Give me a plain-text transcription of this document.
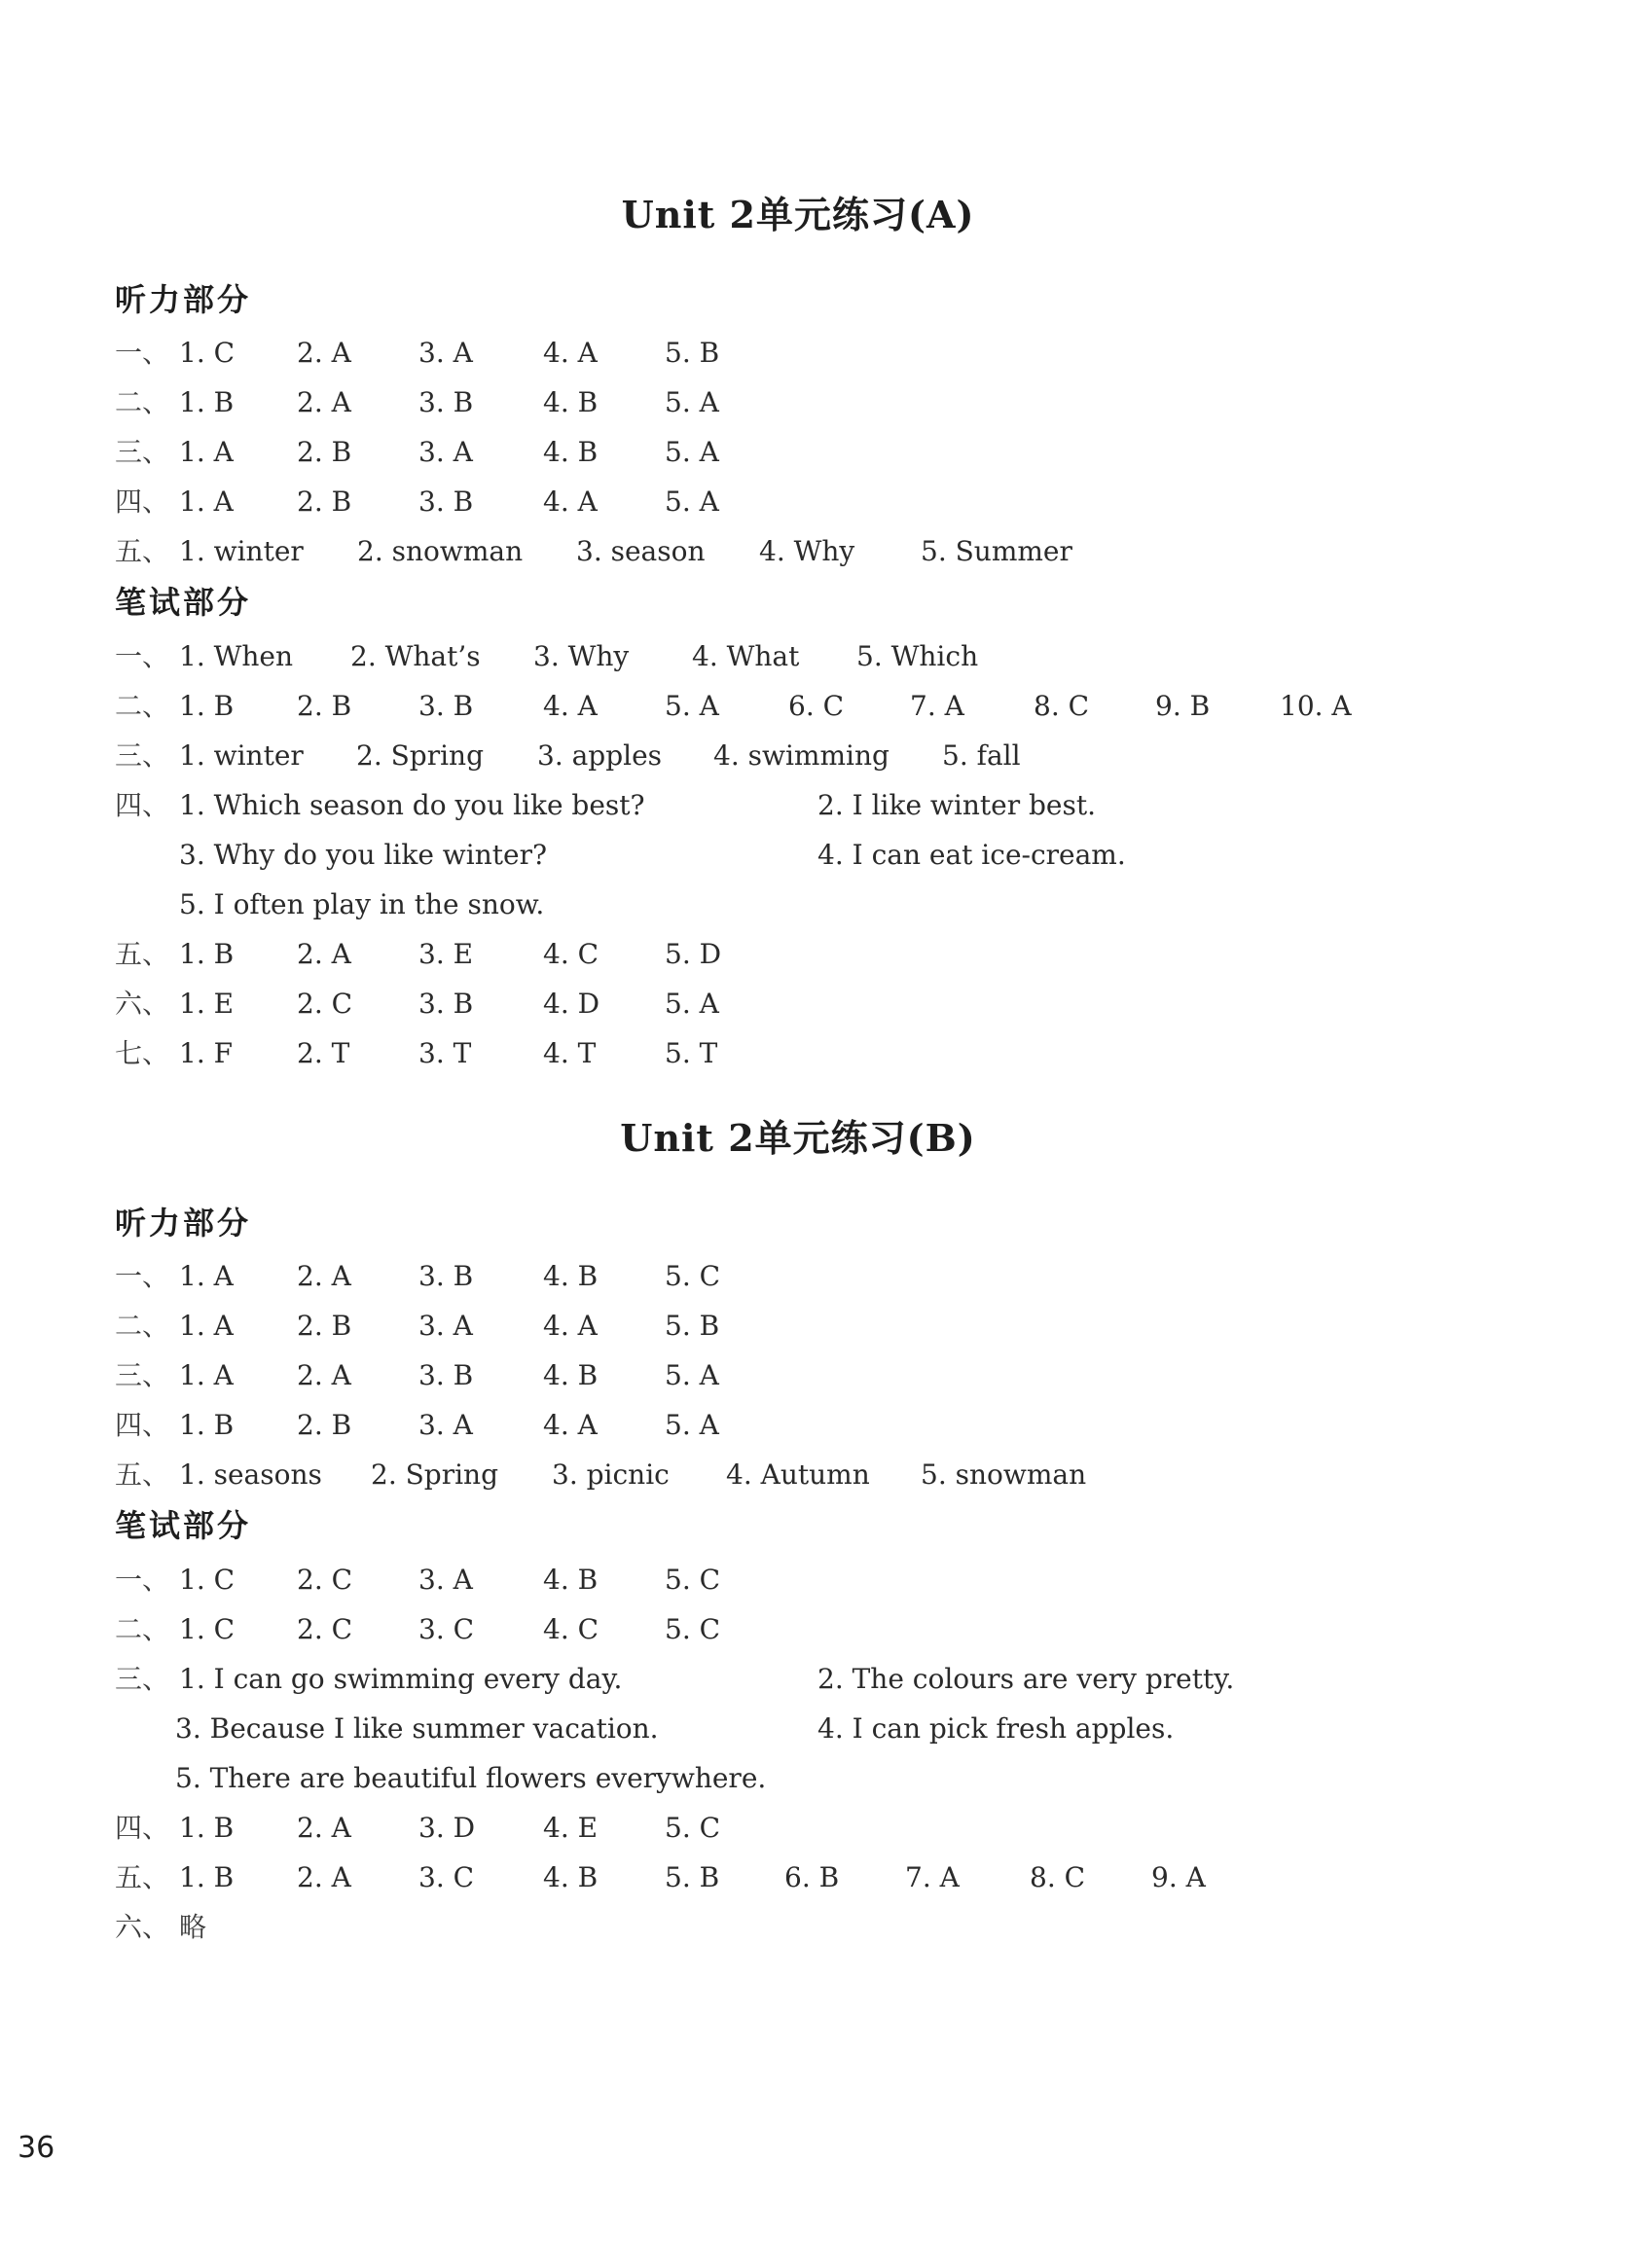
Unit 2单元练习(A)
听力部分
一、 1. C 2. A 3. A	4. A 5. B
二、 1. B 2. A 3. B	4. B 5. A
三、 1. A 2. B 3. A	4. B 5. A
四、 1. A 2. B 3. B	4. A 5. A
五、 1. winter 2. snowman 3. season 4. Why 5. Summer
笔试部分
一、 1. When 2. What’s 3. Why 4. What 5. Which
二、 1. B 2. B 3. B	4. A 5. A	6. C 7. A	8. C 9. B	10. A
三、 1. winter 2. Spring 3. apples 4. swimming 5. fall
四、 1. Which season do you like best?	2. I like winter best.
3. Why do you like winter?	4. I can eat ice-cream.
5. I often play in the snow.
五、 1. B 2. A 3. E	4. C 5. D
六、 1. E 2. C 3. B	4. D 5. A
七、 1. F 2. T	3. T	4. T	5. T
Unit 2单元练习(B)
听力部分
一、 1. A 2. A 3. B	4. B 5. C
二、 1. A 2. B 3. A	4. A 5. B
三、 1. A 2. A 3. B	4. B 5. A
四、 1. B 2. B 3. A	4. A 5. A
五、 1. seasons 2. Spring 3. picnic 4. Autumn 5. snowman
笔试部分
一、 1. C 2. C 3. A	4. B 5. C
二、 1. C 2. C 3. C	4. C 5. C
三、 1. I can go swimming every day.	2. The colours are very pretty.
3. Because I like summer vacation.	4. I can pick fresh apples.
5. There are beautiful flowers everywhere.
四、 1. B 2. A 3. D 4. E 5. C
五、 1. B 2. A 3. C	4. B 5. B 6. B 7. A	8. C 9. A
六、 略
36
